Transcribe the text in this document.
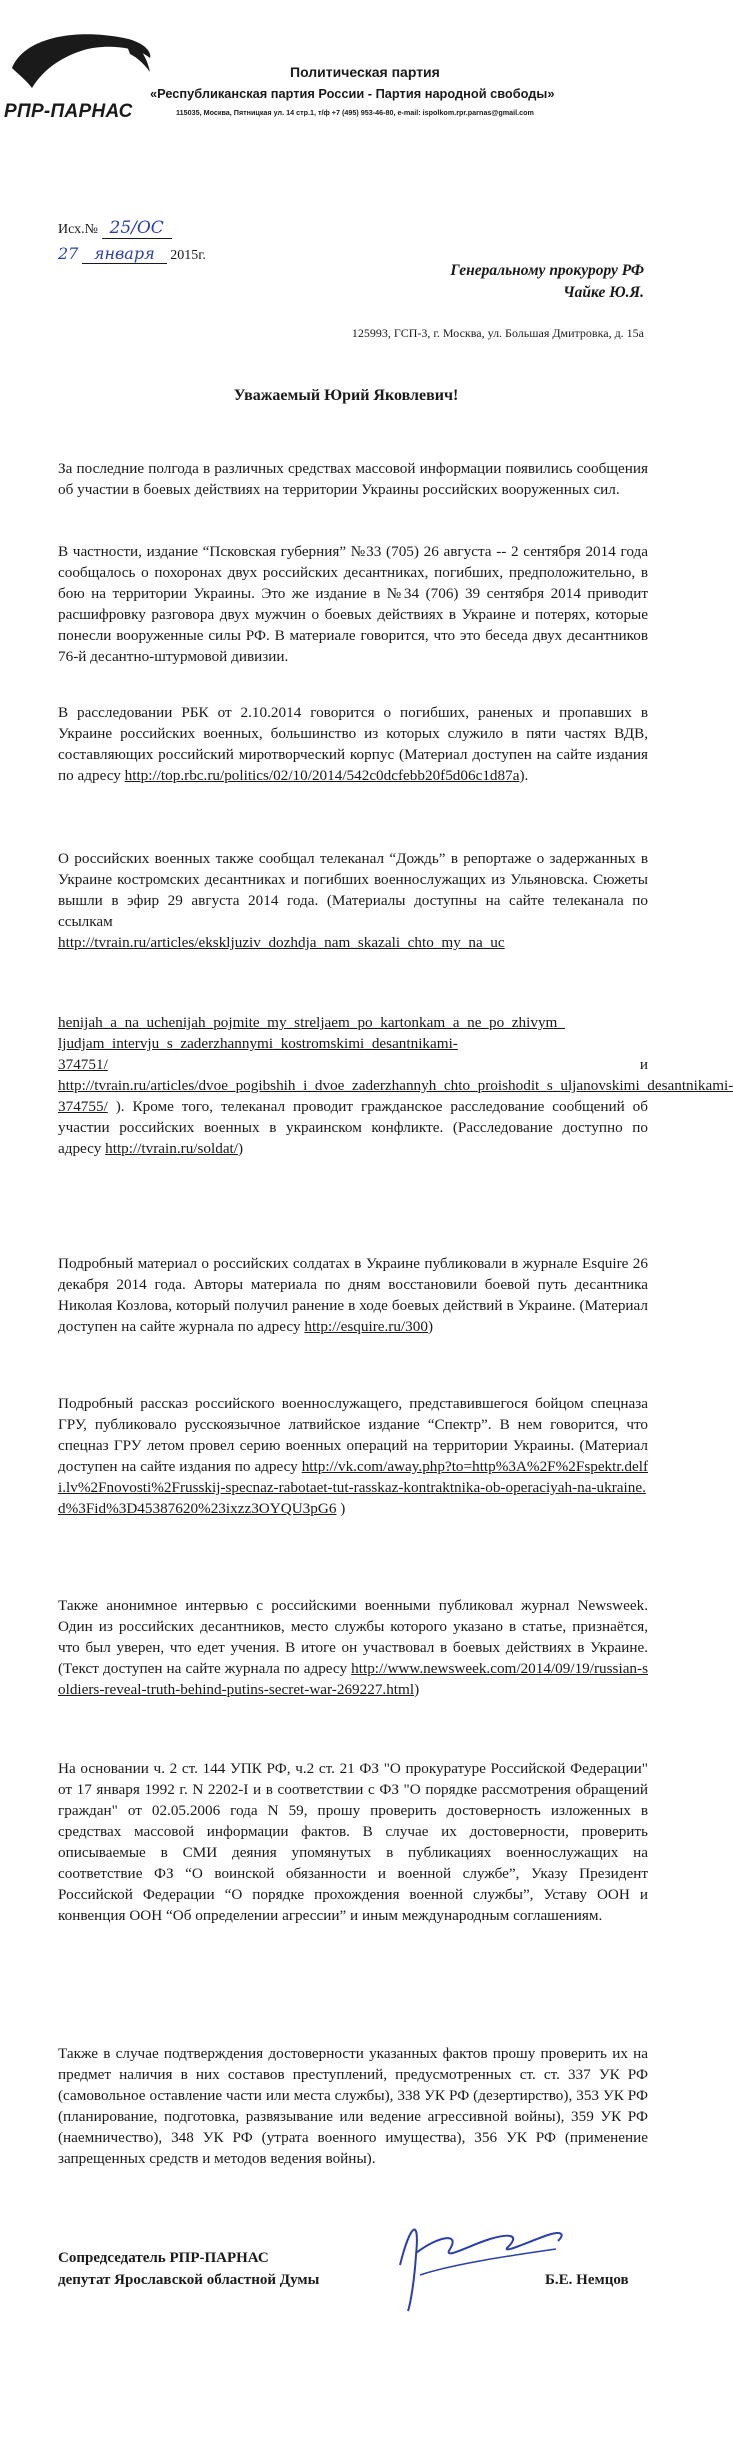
РПР-ПАРНАС
Политическая партия
«Республиканская партия России - Партия народной свободы»
115035, Москва, Пятницкая ул. 14 стр.1, т/ф +7 (495) 953-46-80, e-mail: ispolkom.rpr.parnas@gmail.com
Исх.№ 25/ОС
27 января 2015г.
Генеральному прокурору РФ
Чайке Ю.Я.
125993, ГСП-3, г. Москва, ул. Большая Дмитровка, д. 15а
Уважаемый Юрий Яковлевич!

За последние полгода в различных средствах массовой информации появились сообщения об участии в боевых действиях на территории Украины российских вооруженных сил.

В частности, издание “Псковская губерния” №33 (705) 26 августа -- 2 сентября 2014 года сообщалось о похоронах двух российских десантниках, погибших, предположительно, в бою на территории Украины. Это же издание в №34 (706) 39 сентября 2014 приводит расшифровку разговора двух мужчин о боевых действиях в Украине и потерях, которые понесли вооруженные силы РФ. В материале говорится, что это беседа двух десантников 76-й десантно-штурмовой дивизии.

В расследовании РБК от 2.10.2014 говорится о погибших, раненых и пропавших в Украине российских военных, большинство из которых служило в пяти частях ВДВ, составляющих российский миротворческий корпус (Материал доступен на сайте издания по адресу http://top.rbc.ru/politics/02/10/2014/542c0dcfebb20f5d06c1d87a).

О российских военных также сообщал телеканал “Дождь” в репортаже о задержанных в Украине костромских десантниках и погибших военнослужащих из Ульяновска. Сюжеты вышли в эфир 29 августа 2014 года. (Материалы доступны на сайте телеканала по ссылкам
http://tvrain.ru/articles/ekskljuziv_dozhdja_nam_skazali_chto_my_na_uc

henijah_a_na_uchenijah_pojmite_my_streljaem_po_kartonkam_a_ne_po_zhivym_
ljudjam_intervju_s_zaderzhannymi_kostromskimi_desantnikami-
374751/	и http://tvrain.ru/articles/dvoe_pogibshih_i_dvoe_zaderzhannyh_chto_proishodit_s_uljanovskimi_desantnikami-374755/ ). Кроме того, телеканал проводит гражданское расследование сообщений об участии российских военных в украинском конфликте. (Расследование доступно по адресу http://tvrain.ru/soldat/)

Подробный материал о российских солдатах в Украине публиковали в журнале Esquire 26 декабря 2014 года. Авторы материала по дням восстановили боевой путь десантника Николая Козлова, который получил ранение в ходе боевых действий в Украине. (Материал доступен на сайте журнала по адресу http://esquire.ru/300)

Подробный рассказ российского военнослужащего, представившегося бойцом спецназа ГРУ, публиковало русскоязычное латвийское издание “Спектр”. В нем говорится, что спецназ ГРУ летом провел серию военных операций на территории Украины. (Материал доступен на сайте издания по адресу http://vk.com/away.php?to=http%3A%2F%2Fspektr.delfi.lv%2Fnovosti%2Frusskij-specnaz-rabotaet-tut-rasskaz-kontraktnika-ob-operaciyah-na-ukraine.d%3Fid%3D45387620%23ixzz3OYQU3pG6 )

Также анонимное интервью с российскими военными публиковал журнал Newsweek. Один из российских десантников, место службы которого указано в статье, признаётся, что был уверен, что едет учения. В итоге он участвовал в боевых действиях в Украине. (Текст доступен на сайте журнала по адресу http://www.newsweek.com/2014/09/19/russian-soldiers-reveal-truth-behind-putins-secret-war-269227.html)

На основании ч. 2 ст. 144 УПК РФ, ч.2 ст. 21 ФЗ "О прокуратуре Российской Федерации" от 17 января 1992 г. N 2202-I и в соответствии с ФЗ "О порядке рассмотрения обращений граждан" от 02.05.2006 года N 59, прошу проверить достоверность изложенных в средствах массовой информации фактов. В случае их достоверности, проверить описываемые в СМИ деяния упомянутых в публикациях военнослужащих на соответствие ФЗ “О воинской обязанности и военной службе”, Указу Президент Российской Федерации “О порядке прохождения военной службы”, Уставу ООН и конвенция ООН “Об определении агрессии” и иным международным соглашениям.

Также в случае подтверждения достоверности указанных фактов прошу проверить их на предмет наличия в них составов преступлений, предусмотренных ст. ст. 337 УК РФ (самовольное оставление части или места службы), 338 УК РФ (дезертирство), 353 УК РФ (планирование, подготовка, развязывание или ведение агрессивной войны), 359 УК РФ (наемничество), 348 УК РФ (утрата военного имущества), 356 УК РФ (применение запрещенных средств и методов ведения войны).

Сопредседатель РПР-ПАРНАС
депутат Ярославской областной Думы	Б.Е. Немцов
